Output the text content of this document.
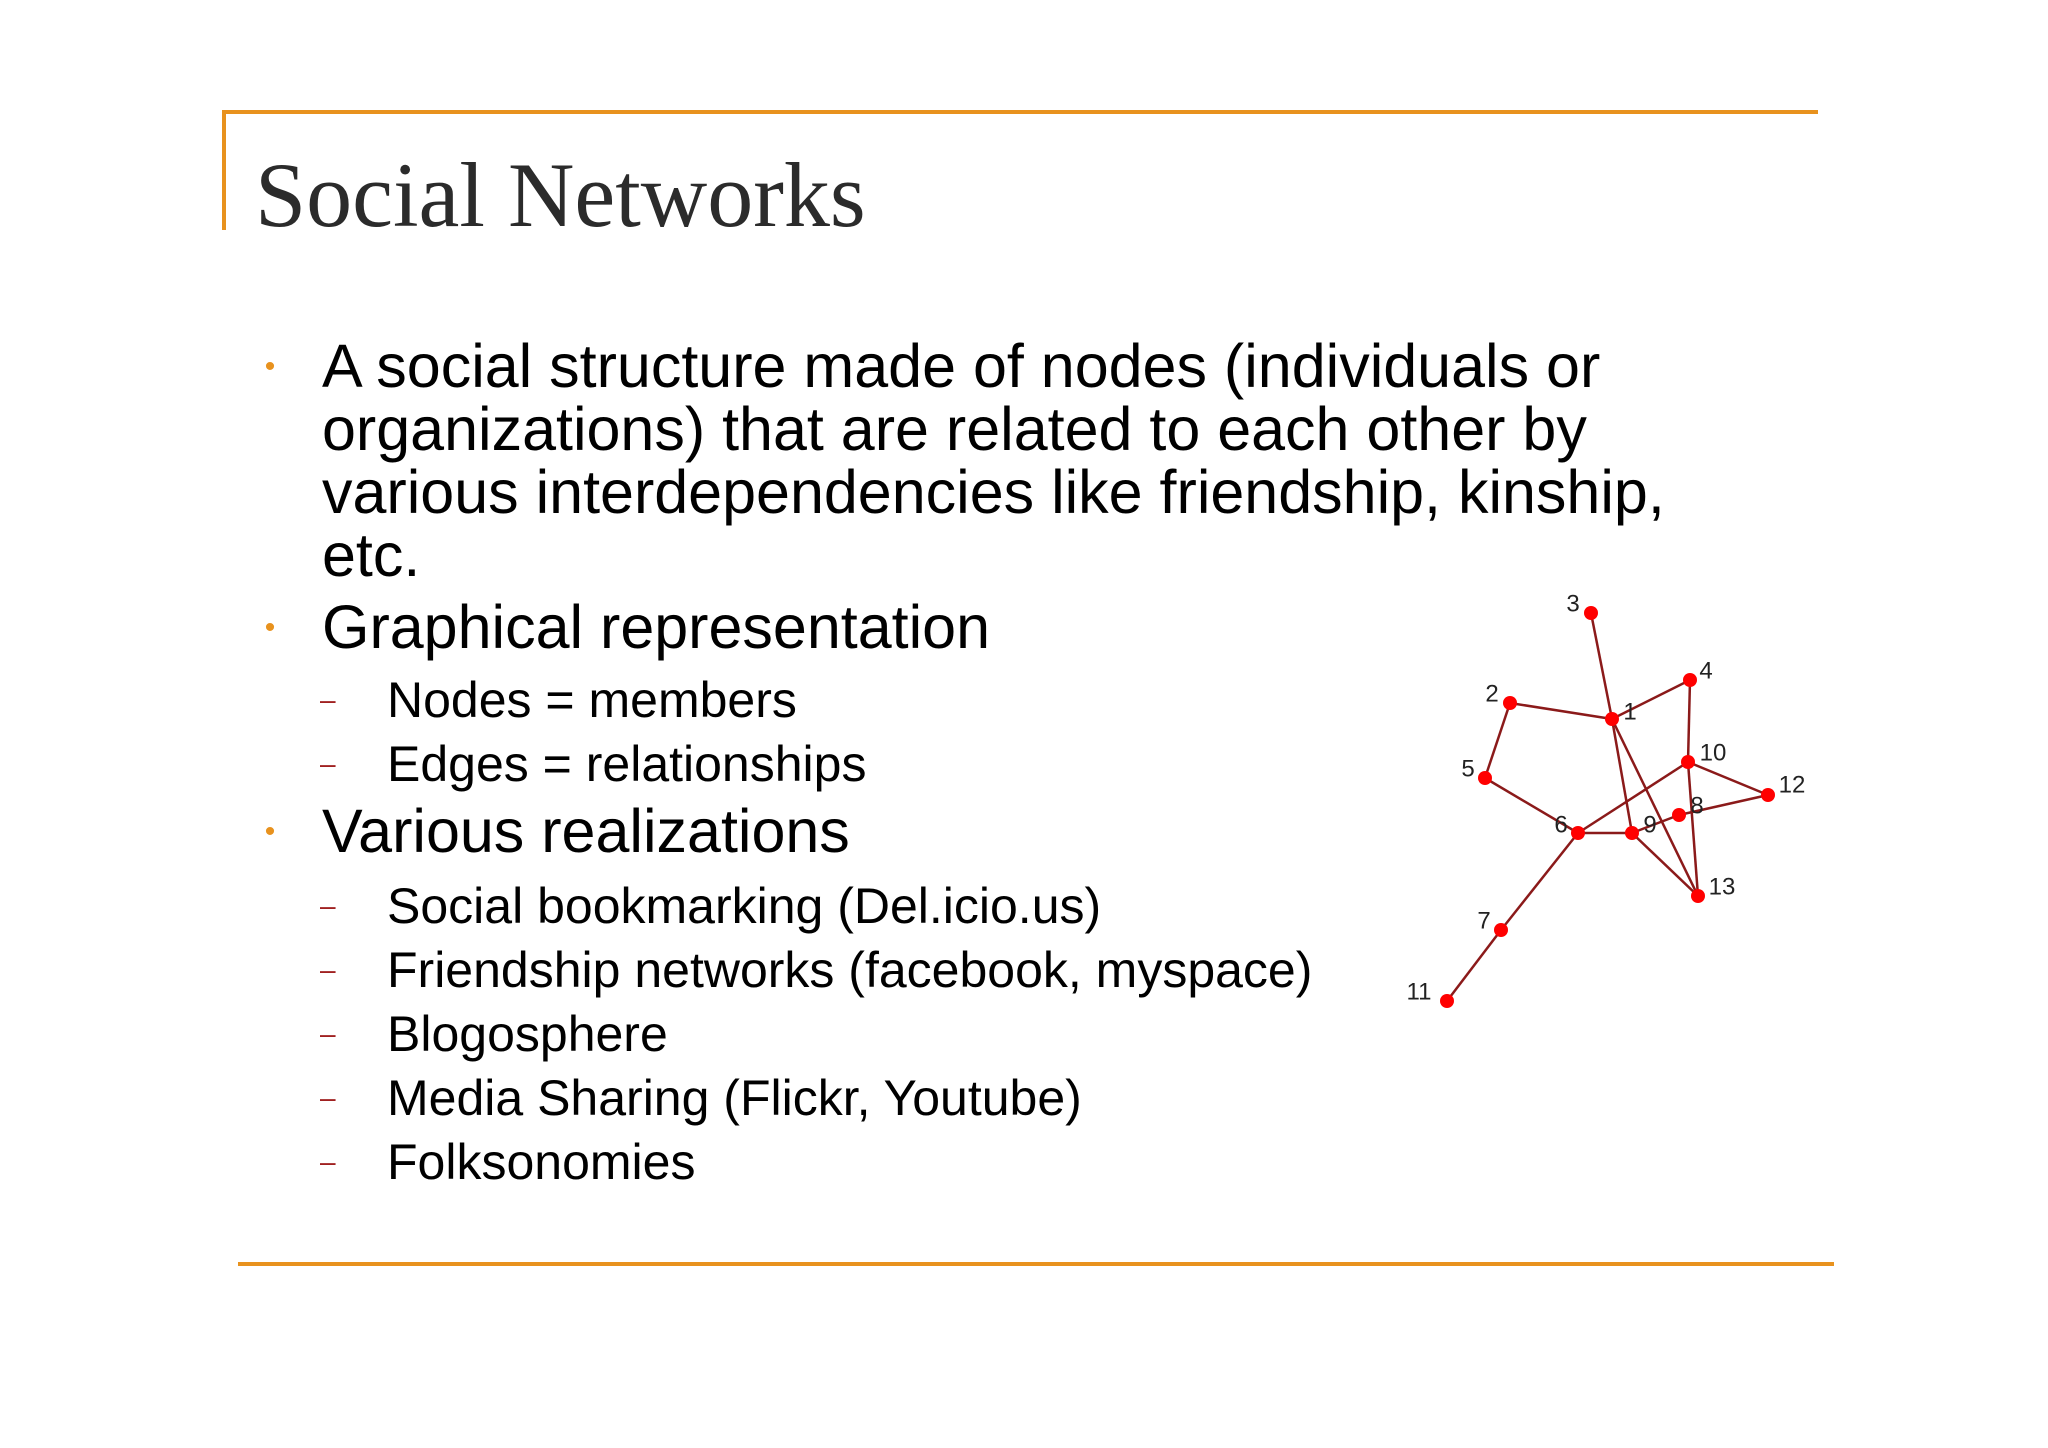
Social Networks
• A social structure made of nodes (individuals or organizations) that are related to each other by various interdependencies like friendship, kinship, etc.
• Graphical representation
– Nodes = members
– Edges = relationships
• Various realizations
– Social bookmarking (Del.icio.us)
– Friendship networks (facebook, myspace)
– Blogosphere
– Media Sharing (Flickr, Youtube)
– Folksonomies
1
2
3
4
5
6
7
8
9
10
11
12
13
